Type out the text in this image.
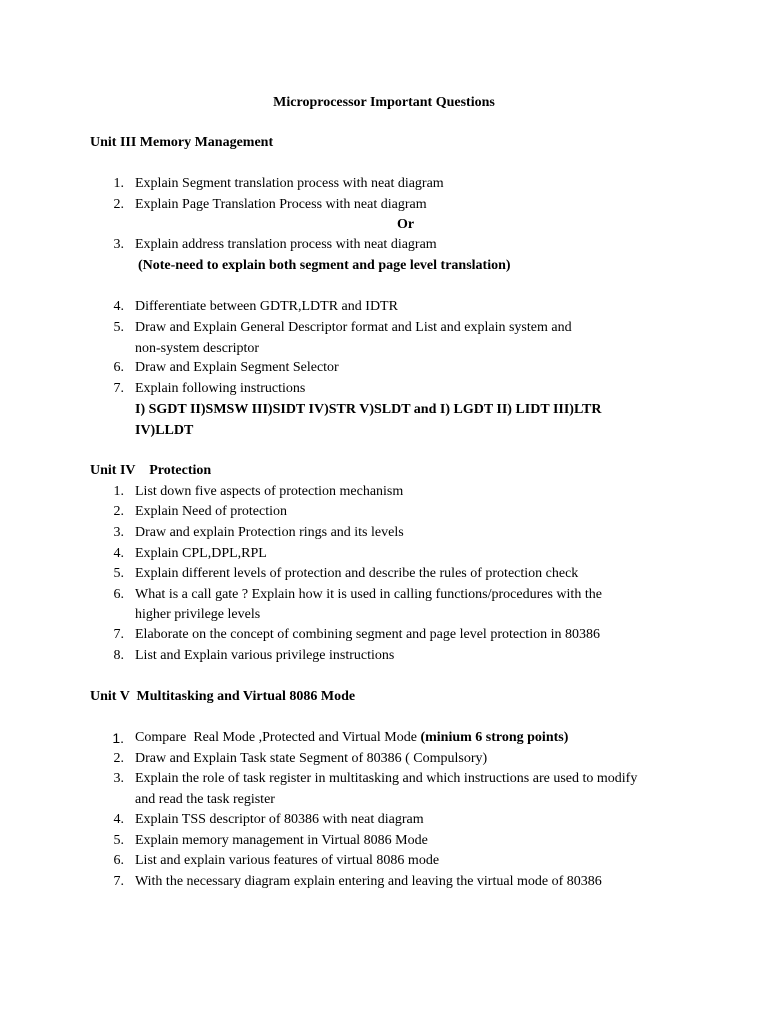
Microprocessor Important Questions
Unit III Memory Management
1. Explain Segment translation process with neat diagram
2. Explain Page Translation Process with neat diagram
Or
3. Explain address translation process with neat diagram
(Note-need to explain both segment and page level translation)
4. Differentiate between GDTR,LDTR and IDTR
5. Draw and Explain General Descriptor format and List and explain system and
non-system descriptor
6. Draw and Explain Segment Selector
7. Explain following instructions
I) SGDT II)SMSW III)SIDT IV)STR V)SLDT and I) LGDT II) LIDT III)LTR
IV)LLDT
Unit IV    Protection
1. List down five aspects of protection mechanism
2. Explain Need of protection
3. Draw and explain Protection rings and its levels
4. Explain CPL,DPL,RPL
5. Explain different levels of protection and describe the rules of protection check
6. What is a call gate ? Explain how it is used in calling functions/procedures with the
higher privilege levels
7. Elaborate on the concept of combining segment and page level protection in 80386
8. List and Explain various privilege instructions
Unit V  Multitasking and Virtual 8086 Mode
1. Compare  Real Mode ,Protected and Virtual Mode (minium 6 strong points)
2. Draw and Explain Task state Segment of 80386 ( Compulsory)
3. Explain the role of task register in multitasking and which instructions are used to modify
and read the task register
4. Explain TSS descriptor of 80386 with neat diagram
5. Explain memory management in Virtual 8086 Mode
6. List and explain various features of virtual 8086 mode
7. With the necessary diagram explain entering and leaving the virtual mode of 80386
